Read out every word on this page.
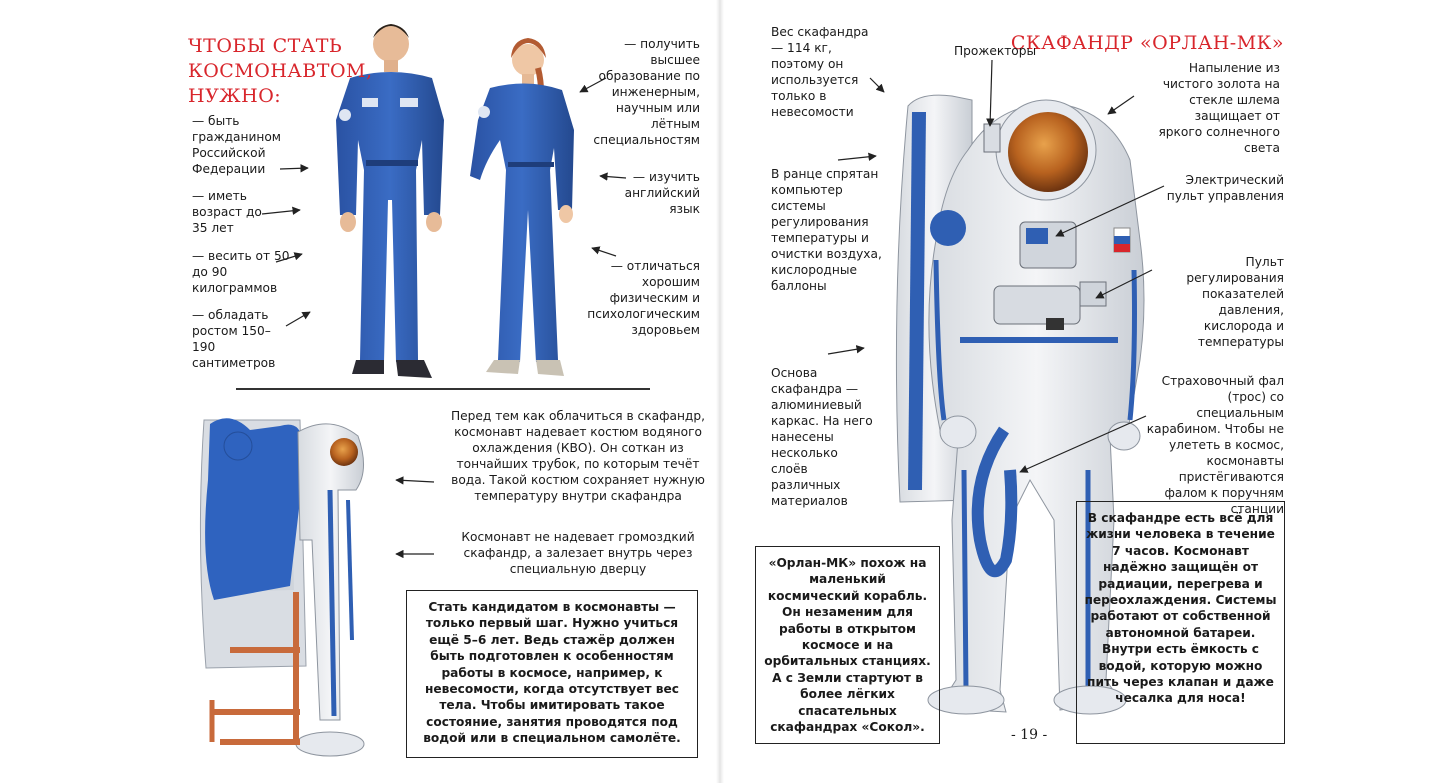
ЧТОБЫ СТАТЬ КОСМОНАВТОМ, НУЖНО:

— быть гражданином Российской Федерации

— иметь возраст до 35 лет

— весить от 50 до 90 килограммов

— обладать ростом 150–190 сантиметров

— получить высшее образование по инженерным, научным или лётным специальностям

— изучить английский язык

— отличаться хорошим физическим и психологическим здоровьем

Перед тем как облачиться в скафандр, космонавт надевает костюм водяного охлаждения (КВО). Он соткан из тончайших трубок, по которым течёт вода. Такой костюм сохраняет нужную температуру внутри скафандра

Космонавт не надевает громоздкий скафандр, а залезает внутрь через специальную дверцу

Стать кандидатом в космонавты — только первый шаг. Нужно учиться ещё 5–6 лет. Ведь стажёр должен быть подготовлен к особенностям работы в космосе, например, к невесомости, когда отсутствует вес тела. Чтобы имитировать такое состояние, занятия проводятся под водой или в специальном самолёте.
СКАФАНДР «ОРЛАН-МК»

Вес скафандра — 114 кг, поэтому он используется только в невесомости

В ранце спрятан компьютер системы регулирования температуры и очистки воздуха, кислородные баллоны

Основа скафандра — алюминиевый каркас. На него нанесены несколько слоёв различных материалов

Прожекторы

Напыление из чистого золота на стекле шлема защищает от яркого солнечного света

Электрический пульт управления

Пульт регулирования показателей давления, кислорода и температуры

Страховочный фал (трос) со специальным карабином. Чтобы не улететь в космос, космонавты пристёгиваются фалом к поручням станции

«Орлан-МК» похож на маленький космический корабль. Он незаменим для работы в открытом космосе и на орбитальных станциях. А с Земли стартуют в более лёгких спасательных скафандрах «Сокол».
В скафандре есть всё для жизни человека в течение 7 часов. Космонавт надёжно защищён от радиации, перегрева и переохлаждения. Системы работают от собственной автономной батареи. Внутри есть ёмкость с водой, которую можно пить через клапан и даже чесалка для носа!
- 19 -
